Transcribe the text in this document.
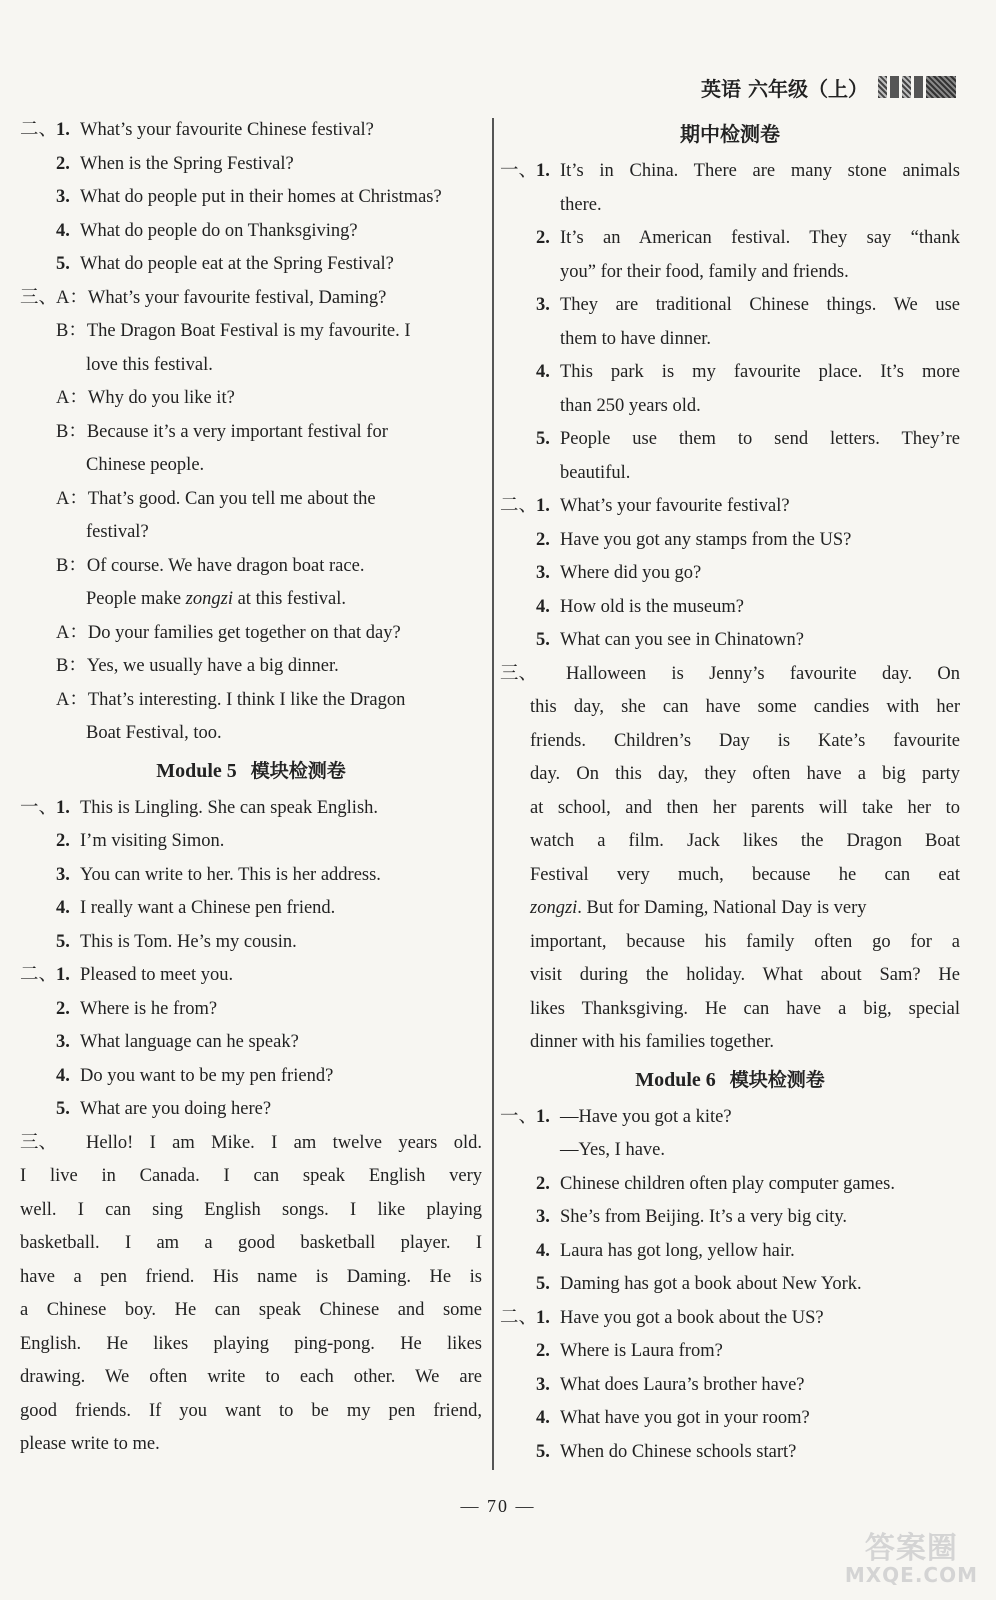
英语 六年级（上）
二、
1. What’s your favourite Chinese festival?
2. When is the Spring Festival?
3. What do people put in their homes at Christmas?
4. What do people do on Thanksgiving?
5. What do people eat at the Spring Festival?
三、
A：What’s your favourite festival, Daming?
B：The Dragon Boat Festival is my favourite. I
love this festival.
A：Why do you like it?
B：Because it’s a very important festival for
Chinese people.
A：That’s good. Can you tell me about the
festival?
B：Of course. We have dragon boat race.
People make zongzi at this festival.
A：Do your families get together on that day?
B：Yes, we usually have a big dinner.
A：That’s interesting. I think I like the Dragon
Boat Festival, too.
Module 5 模块检测卷
一、
1. This is Lingling. She can speak English.
2. I’m visiting Simon.
3. You can write to her. This is her address.
4. I really want a Chinese pen friend.
5. This is Tom. He’s my cousin.
二、
1. Pleased to meet you.
2. Where is he from?
3. What language can he speak?
4. Do you want to be my pen friend?
5. What are you doing here?
三、 Hello! I am Mike. I am twelve years old.
I live in Canada. I can speak English very
well. I can sing English songs. I like playing
basketball. I am a good basketball player. I
have a pen friend. His name is Daming. He is
a Chinese boy. He can speak Chinese and some
English. He likes playing ping-pong. He likes
drawing. We often write to each other. We are
good friends. If you want to be my pen friend,
please write to me.
期中检测卷
一、
1. It’s in China. There are many stone animals
there.
2. It’s an American festival. They say “thank
you” for their food, family and friends.
3. They are traditional Chinese things. We use
them to have dinner.
4. This park is my favourite place. It’s more
than 250 years old.
5. People use them to send letters. They’re
beautiful.
二、
1. What’s your favourite festival?
2. Have you got any stamps from the US?
3. Where did you go?
4. How old is the museum?
5. What can you see in Chinatown?
三、 Halloween is Jenny’s favourite day. On
this day, she can have some candies with her
friends. Children’s Day is Kate’s favourite
day. On this day, they often have a big party
at school, and then her parents will take her to
watch a film. Jack likes the Dragon Boat
Festival very much, because he can eat
zongzi. But for Daming, National Day is very
important, because his family often go for a
visit during the holiday. What about Sam? He
likes Thanksgiving. He can have a big, special
dinner with his families together.
Module 6 模块检测卷
一、
1. —Have you got a kite?
—Yes, I have.
2. Chinese children often play computer games.
3. She’s from Beijing. It’s a very big city.
4. Laura has got long, yellow hair.
5. Daming has got a book about New York.
二、
1. Have you got a book about the US?
2. Where is Laura from?
3. What does Laura’s brother have?
4. What have you got in your room?
5. When do Chinese schools start?
— 70 —
答案圈
MXQE.COM
